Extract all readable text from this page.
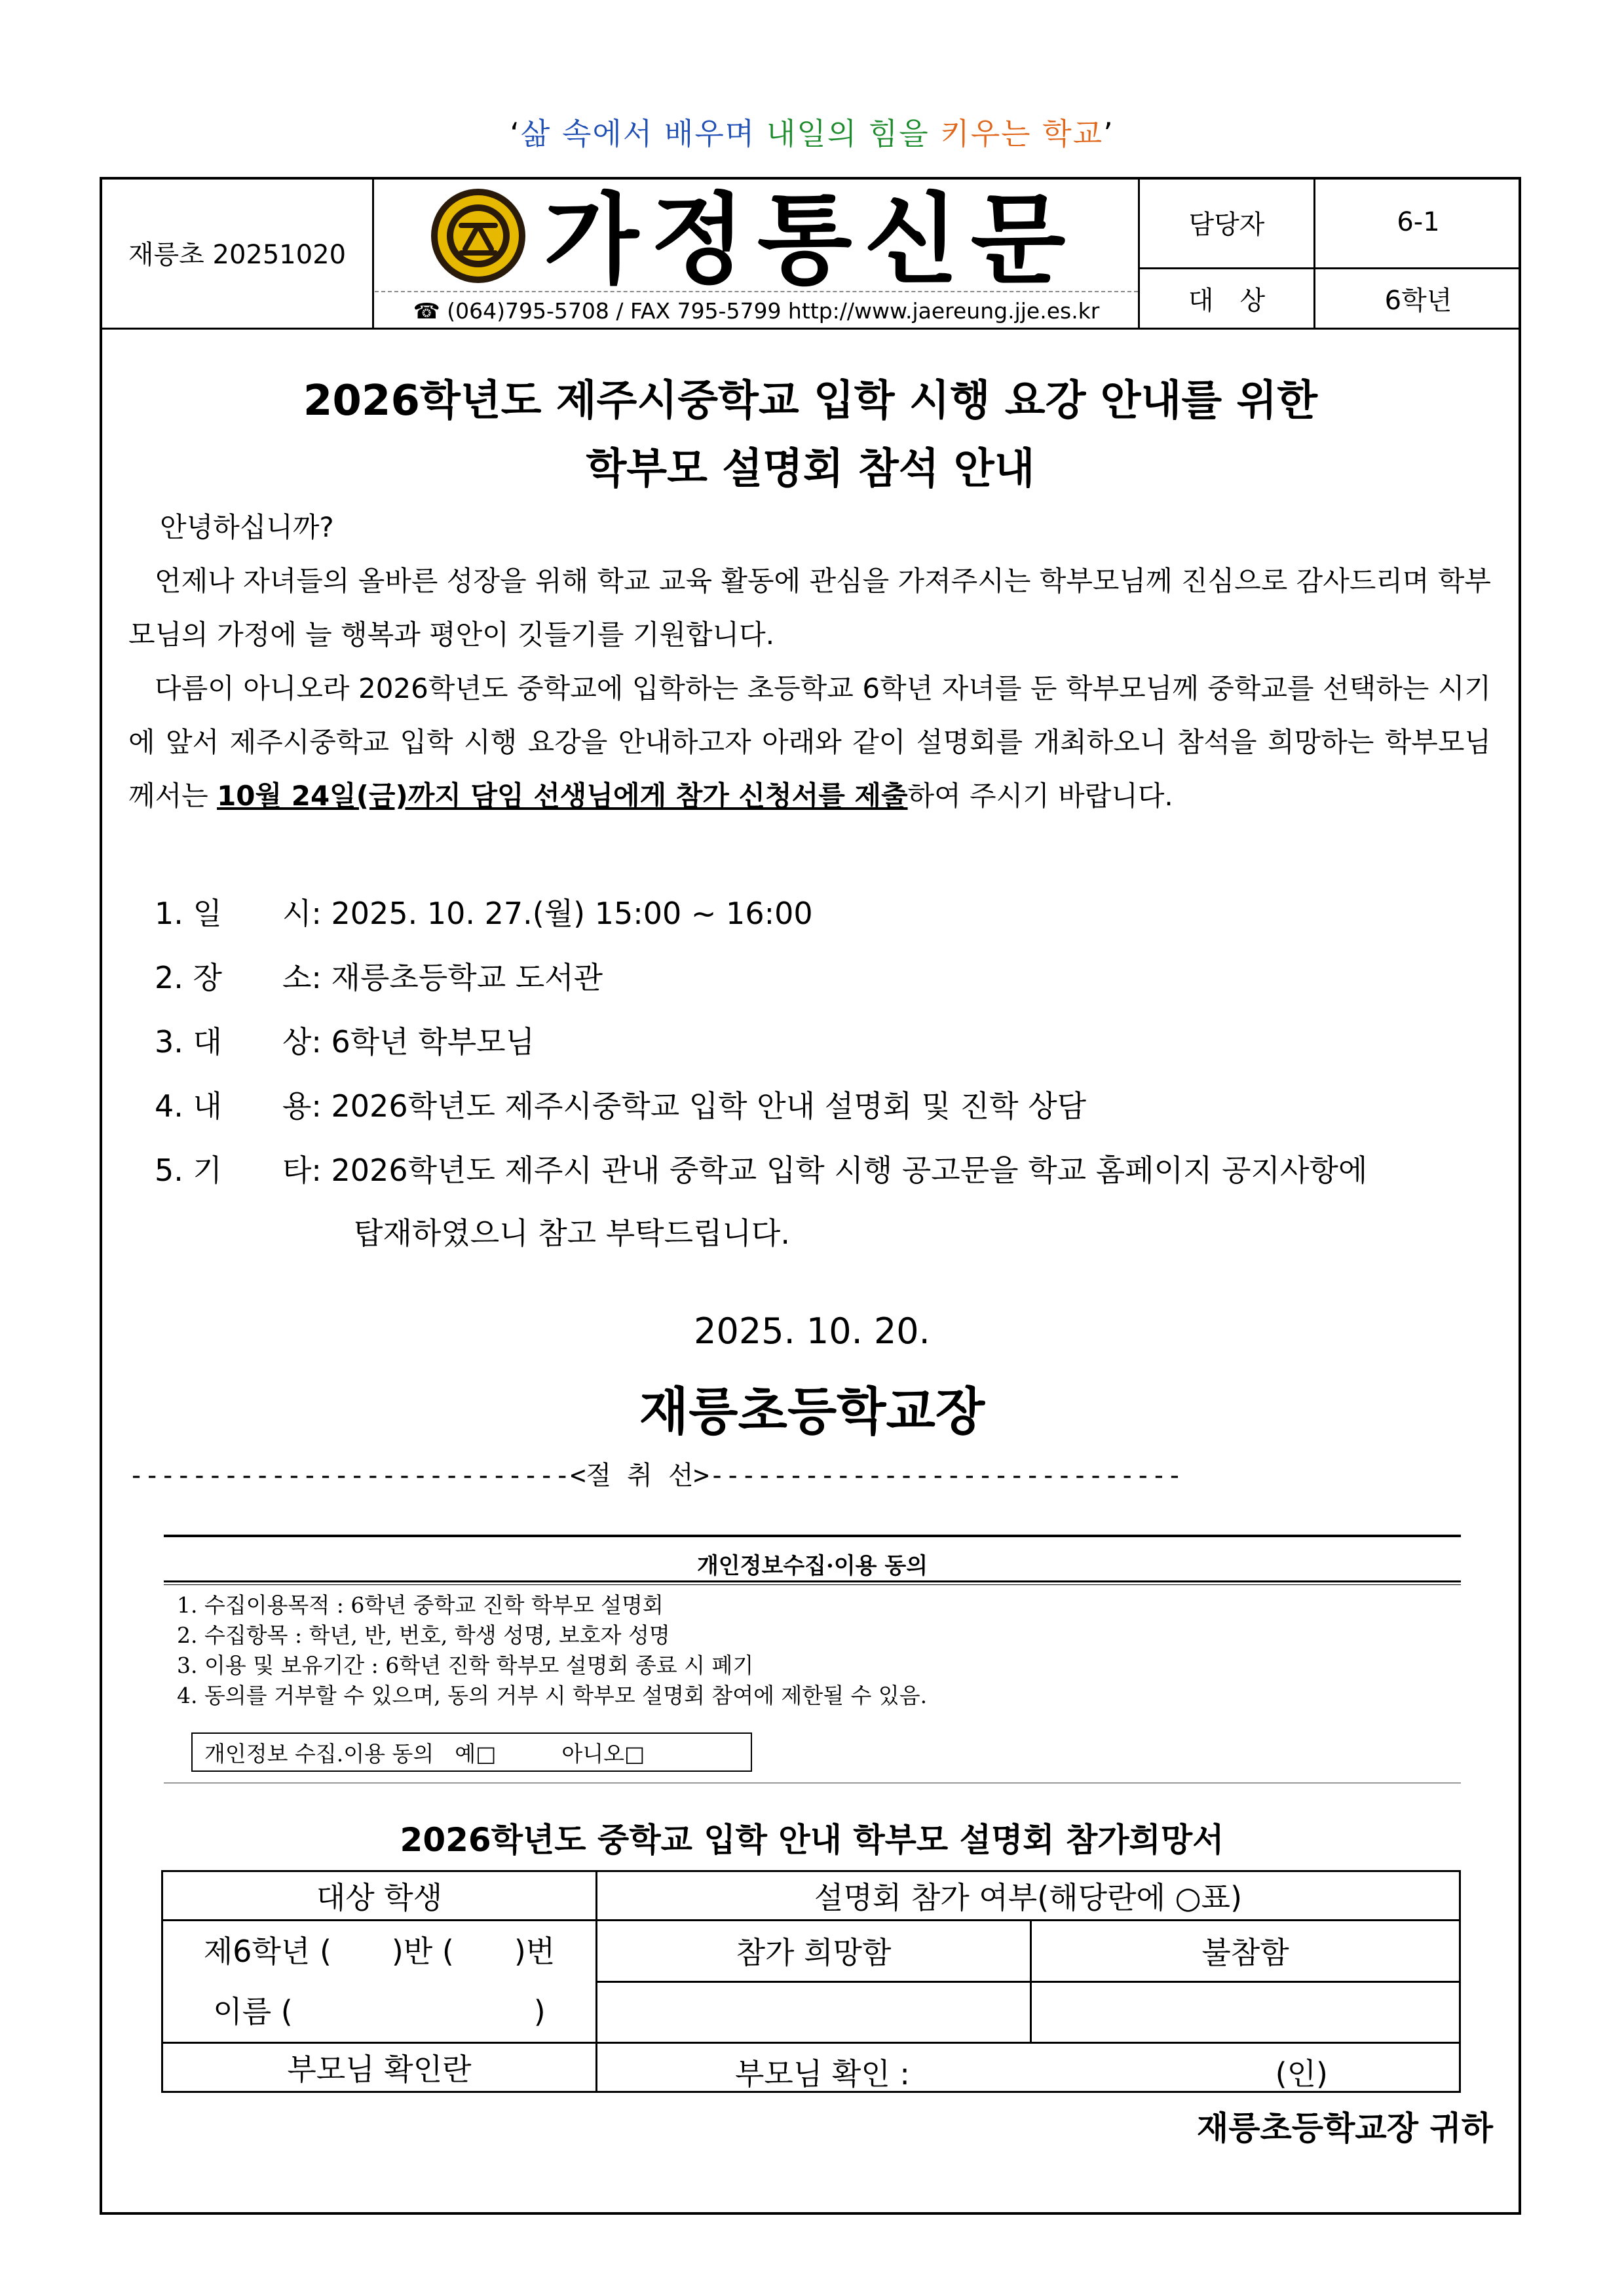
‘삶 속에서 배우며 내일의 힘을 키우는 학교’
재릉초 20251020 가정통신문
☎ (064)795-5708 / FAX 795-5799 http://www.jaereung.jje.es.kr
담당자	6-1
대　상	6학년
2026학년도 제주시중학교 입학 시행 요강 안내를 위한
학부모 설명회 참석 안내
안녕하십니까?
언제나 자녀들의 올바른 성장을 위해 학교 교육 활동에 관심을 가져주시는 학부모님께 진심으로 감사드리며 학부모님의 가정에 늘 행복과 평안이 깃들기를 기원합니다.
다름이 아니오라 2026학년도 중학교에 입학하는 초등학교 6학년 자녀를 둔 학부모님께 중학교를 선택하는 시기에 앞서 제주시중학교 입학 시행 요강을 안내하고자 아래와 같이 설명회를 개최하오니 참석을 희망하는 학부모님께서는 10월 24일(금)까지 담임 선생님에게 참가 신청서를 제출하여 주시기 바랍니다.
1. 일　　시: 2025. 10. 27.(월) 15:00 ~ 16:00
2. 장　　소: 재릉초등학교 도서관
3. 대　　상: 6학년 학부모님
4. 내　　용: 2026학년도 제주시중학교 입학 안내 설명회 및 진학 상담
5. 기　　타: 2026학년도 제주시 관내 중학교 입학 시행 공고문을 학교 홈페이지 공지사항에
탑재하였으니 참고 부탁드립니다.
2025. 10. 20.
재릉초등학교장
----------------------------<절 취 선>------------------------------
개인정보수집·이용 동의
1. 수집이용목적 : 6학년 중학교 진학 학부모 설명회
2. 수집항목 : 학년, 반, 번호, 학생 성명, 보호자 성명
3. 이용 및 보유기간 : 6학년 진학 학부모 설명회 종료 시 폐기
4. 동의를 거부할 수 있으며, 동의 거부 시 학부모 설명회 참여에 제한될 수 있음.
개인정보 수집.이용 동의 예□	아니오□
2026학년도 중학교 입학 안내 학부모 설명회 참가희망서
대상 학생	설명회 참가 여부(해당란에 ○표)	

제6학년 (　　)반 (　　)번
이름 (　　　　　　　　)	참가 희망함	불참함

부모님 확인란	부모님 확인 : (인)	
재릉초등학교장 귀하
